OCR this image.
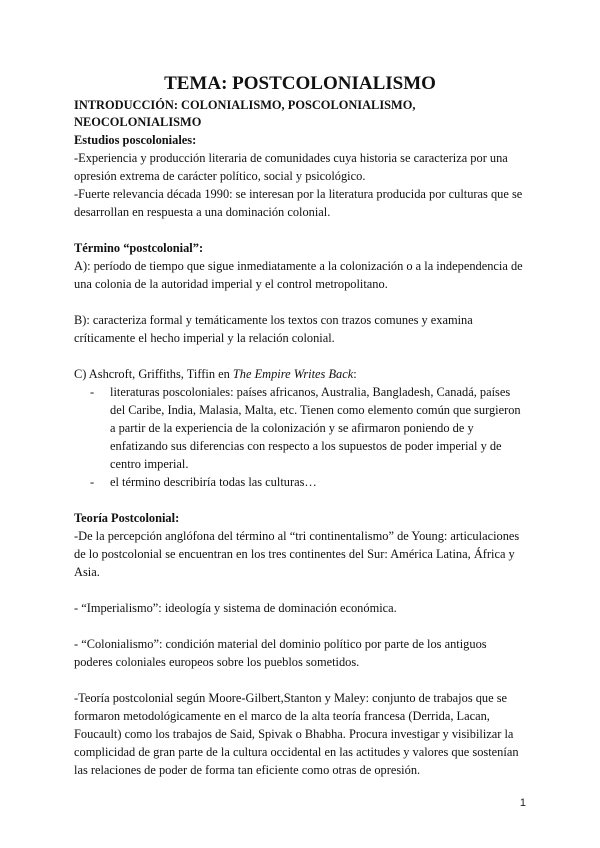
TEMA: POSTCOLONIALISMO
INTRODUCCIÓN: COLONIALISMO, POSCOLONIALISMO, NEOCOLONIALISMO
Estudios poscoloniales:

-Experiencia y producción literaria de comunidades cuya historia se caracteriza por una opresión extrema de carácter político, social y psicológico.

-Fuerte relevancia década 1990: se interesan por la literatura producida por culturas que se desarrollan en respuesta a una dominación colonial.

Término “postcolonial”:

A): período de tiempo que sigue inmediatamente a la colonización o a la independencia de una colonia de la autoridad imperial y el control metropolitano.

B): caracteriza formal y temáticamente los textos con trazos comunes y examina críticamente el hecho imperial y la relación colonial.

C) Ashcroft, Griffiths, Tiffin en The Empire Writes Back:

- literaturas poscoloniales: países africanos, Australia, Bangladesh, Canadá, países del Caribe, India, Malasia, Malta, etc. Tienen como elemento común que surgieron a partir de la experiencia de la colonización y se afirmaron poniendo de y enfatizando sus diferencias con respecto a los supuestos de poder imperial y de centro imperial.
- el término describiría todas las culturas…
Teoría Postcolonial:

-De la percepción anglófona del término al “tri continentalismo” de Young: articulaciones de lo postcolonial se encuentran en los tres continentes del Sur: América Latina, África y Asia.

- “Imperialismo”: ideología y sistema de dominación económica.

- “Colonialismo”: condición material del dominio político por parte de los antiguos poderes coloniales europeos sobre los pueblos sometidos.

-Teoría postcolonial según Moore-Gilbert,Stanton y Maley: conjunto de trabajos que se formaron metodológicamente en el marco de la alta teoría francesa (Derrida, Lacan, Foucault) como los trabajos de Said, Spivak o Bhabha. Procura investigar y visibilizar la complicidad de gran parte de la cultura occidental en las actitudes y valores que sostenían las relaciones de poder de forma tan eficiente como otras de opresión.

1
